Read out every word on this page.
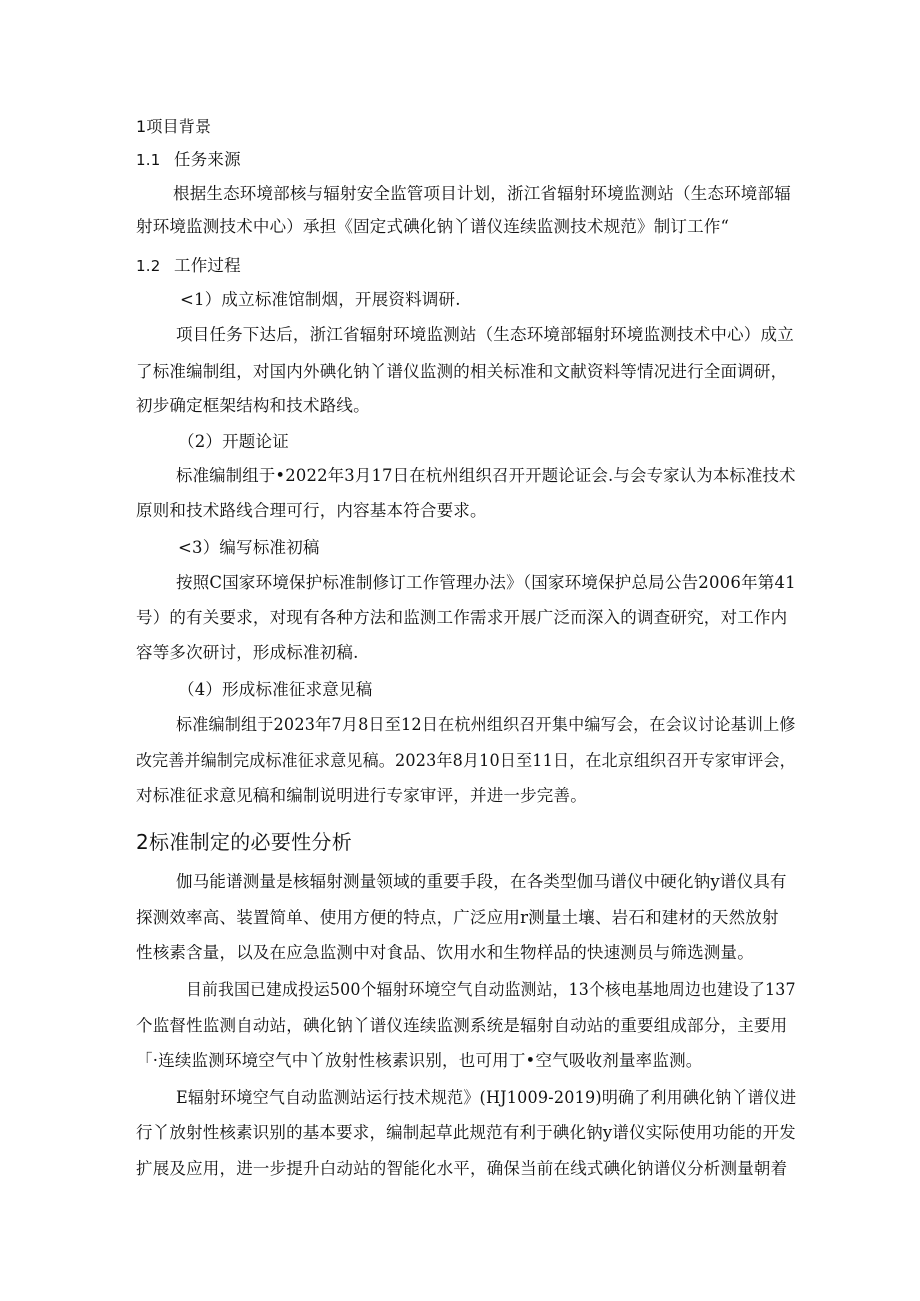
1项目背景
1.1 任务来源
根据生态环境部核与辐射安全监管项目计划，浙江省辐射环境监测站（生态环境部辐
射环境监测技术中心）承担《固定式碘化钠丫谱仪连续监测技术规范》制订工作“
1.2 工作过程
<1）成立标准馆制烟，开展资料调研.
项目任务下达后，浙江省辐射环境监测站（生态环境部辐射环境监测技术中心）成立
了标准编制组，对国内外碘化钠丫谱仪监测的相关标准和文献资料等情况进行全面调研，
初步确定框架结构和技术路线。
（2）开题论证
标准编制组于•2022年3月17日在杭州组织召开开题论证会.与会专家认为本标准技术
原则和技术路线合理可行，内容基本符合要求。
<3）编写标准初稿
按照C国家环境保护标准制修订工作管理办法》（国家环境保护总局公告2006年第41
号）的有关要求，对现有各种方法和监测工作需求开展广泛而深入的调查研究，对工作内
容等多次研讨，形成标准初稿.
（4）形成标准征求意见稿
标准编制组于2023年7月8日至12日在杭州组织召开集中编写会，在会议讨论基训上修
改完善并编制完成标准征求意见稿。2023年8月10日至11日，在北京组织召开专家审评会，
对标准征求意见稿和编制说明进行专家审评，并进一步完善。
2标准制定的必要性分析
伽马能谱测量是核辐射测量领域的重要手段，在各类型伽马谱仪中硬化钠y谱仪具有
探测效率高、装置简单、使用方便的特点，广泛应用r测量土壤、岩石和建材的天然放射
性核素含量，以及在应急监测中对食品、饮用水和生物样品的快速测员与筛选测量。
目前我国已建成投运500个辐射环境空气自动监测站，13个核电基地周边也建设了137
个监督性监测自动站，碘化钠丫谱仪连续监测系统是辐射自动站的重要组成部分，主要用
「·连续监测环境空气中丫放射性核素识别，也可用丁•空气吸收剂量率监测。
E辐射环境空气自动监测站运行技术规范》(HJ1009-2019)明确了利用碘化钠丫谱仪进
行丫放射性核素识别的基本要求，编制起草此规范有利于碘化钠y谱仪实际使用功能的开发
扩展及应用，进一步提升白动站的智能化水平，确保当前在线式碘化钠谱仪分析测量朝着
